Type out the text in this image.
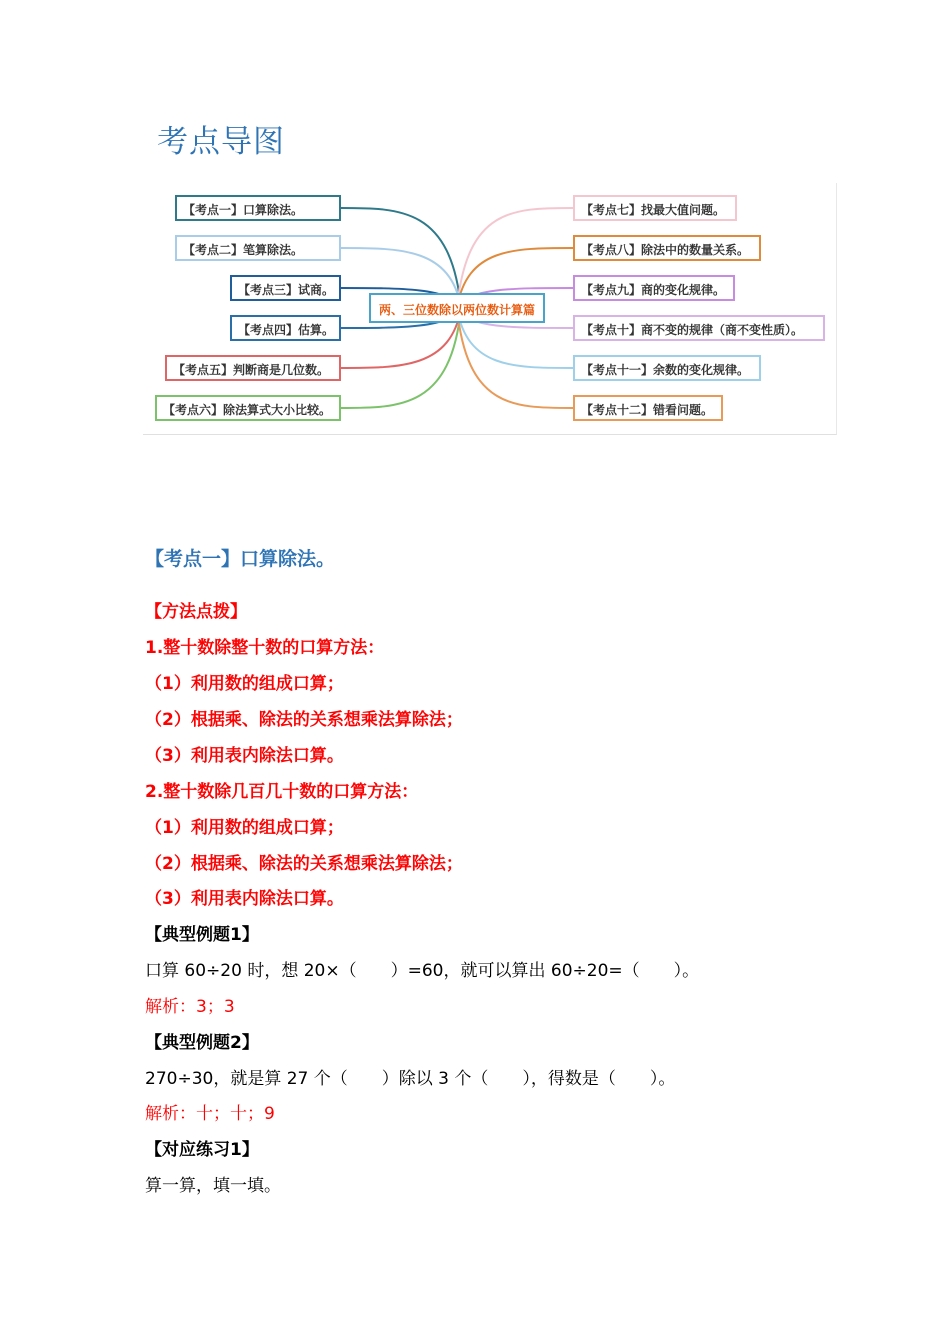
考点导图
两、三位数除以两位数计算篇
【考点一】口算除法。
【考点二】笔算除法。
【考点三】试商。
【考点四】估算。
【考点五】判断商是几位数。
【考点六】除法算式大小比较。
【考点七】找最大值问题。
【考点八】除法中的数量关系。
【考点九】商的变化规律。
【考点十】商不变的规律（商不变性质）。
【考点十一】余数的变化规律。
【考点十二】错看问题。
【考点一】口算除法。
【方法点拨】
1.整十数除整十数的口算方法：
（1）利用数的组成口算；
（2）根据乘、除法的关系想乘法算除法；
（3）利用表内除法口算。
2.整十数除几百几十数的口算方法：
（1）利用数的组成口算；
（2）根据乘、除法的关系想乘法算除法；
（3）利用表内除法口算。
【典型例题1】
口算 60÷20 时，想 20×（　　）=60，就可以算出 60÷20=（　　）。
解析：3；3
【典型例题2】
270÷30，就是算 27 个（　　）除以 3 个（　　），得数是（　　）。
解析：十；十；9
【对应练习1】
算一算，填一填。
